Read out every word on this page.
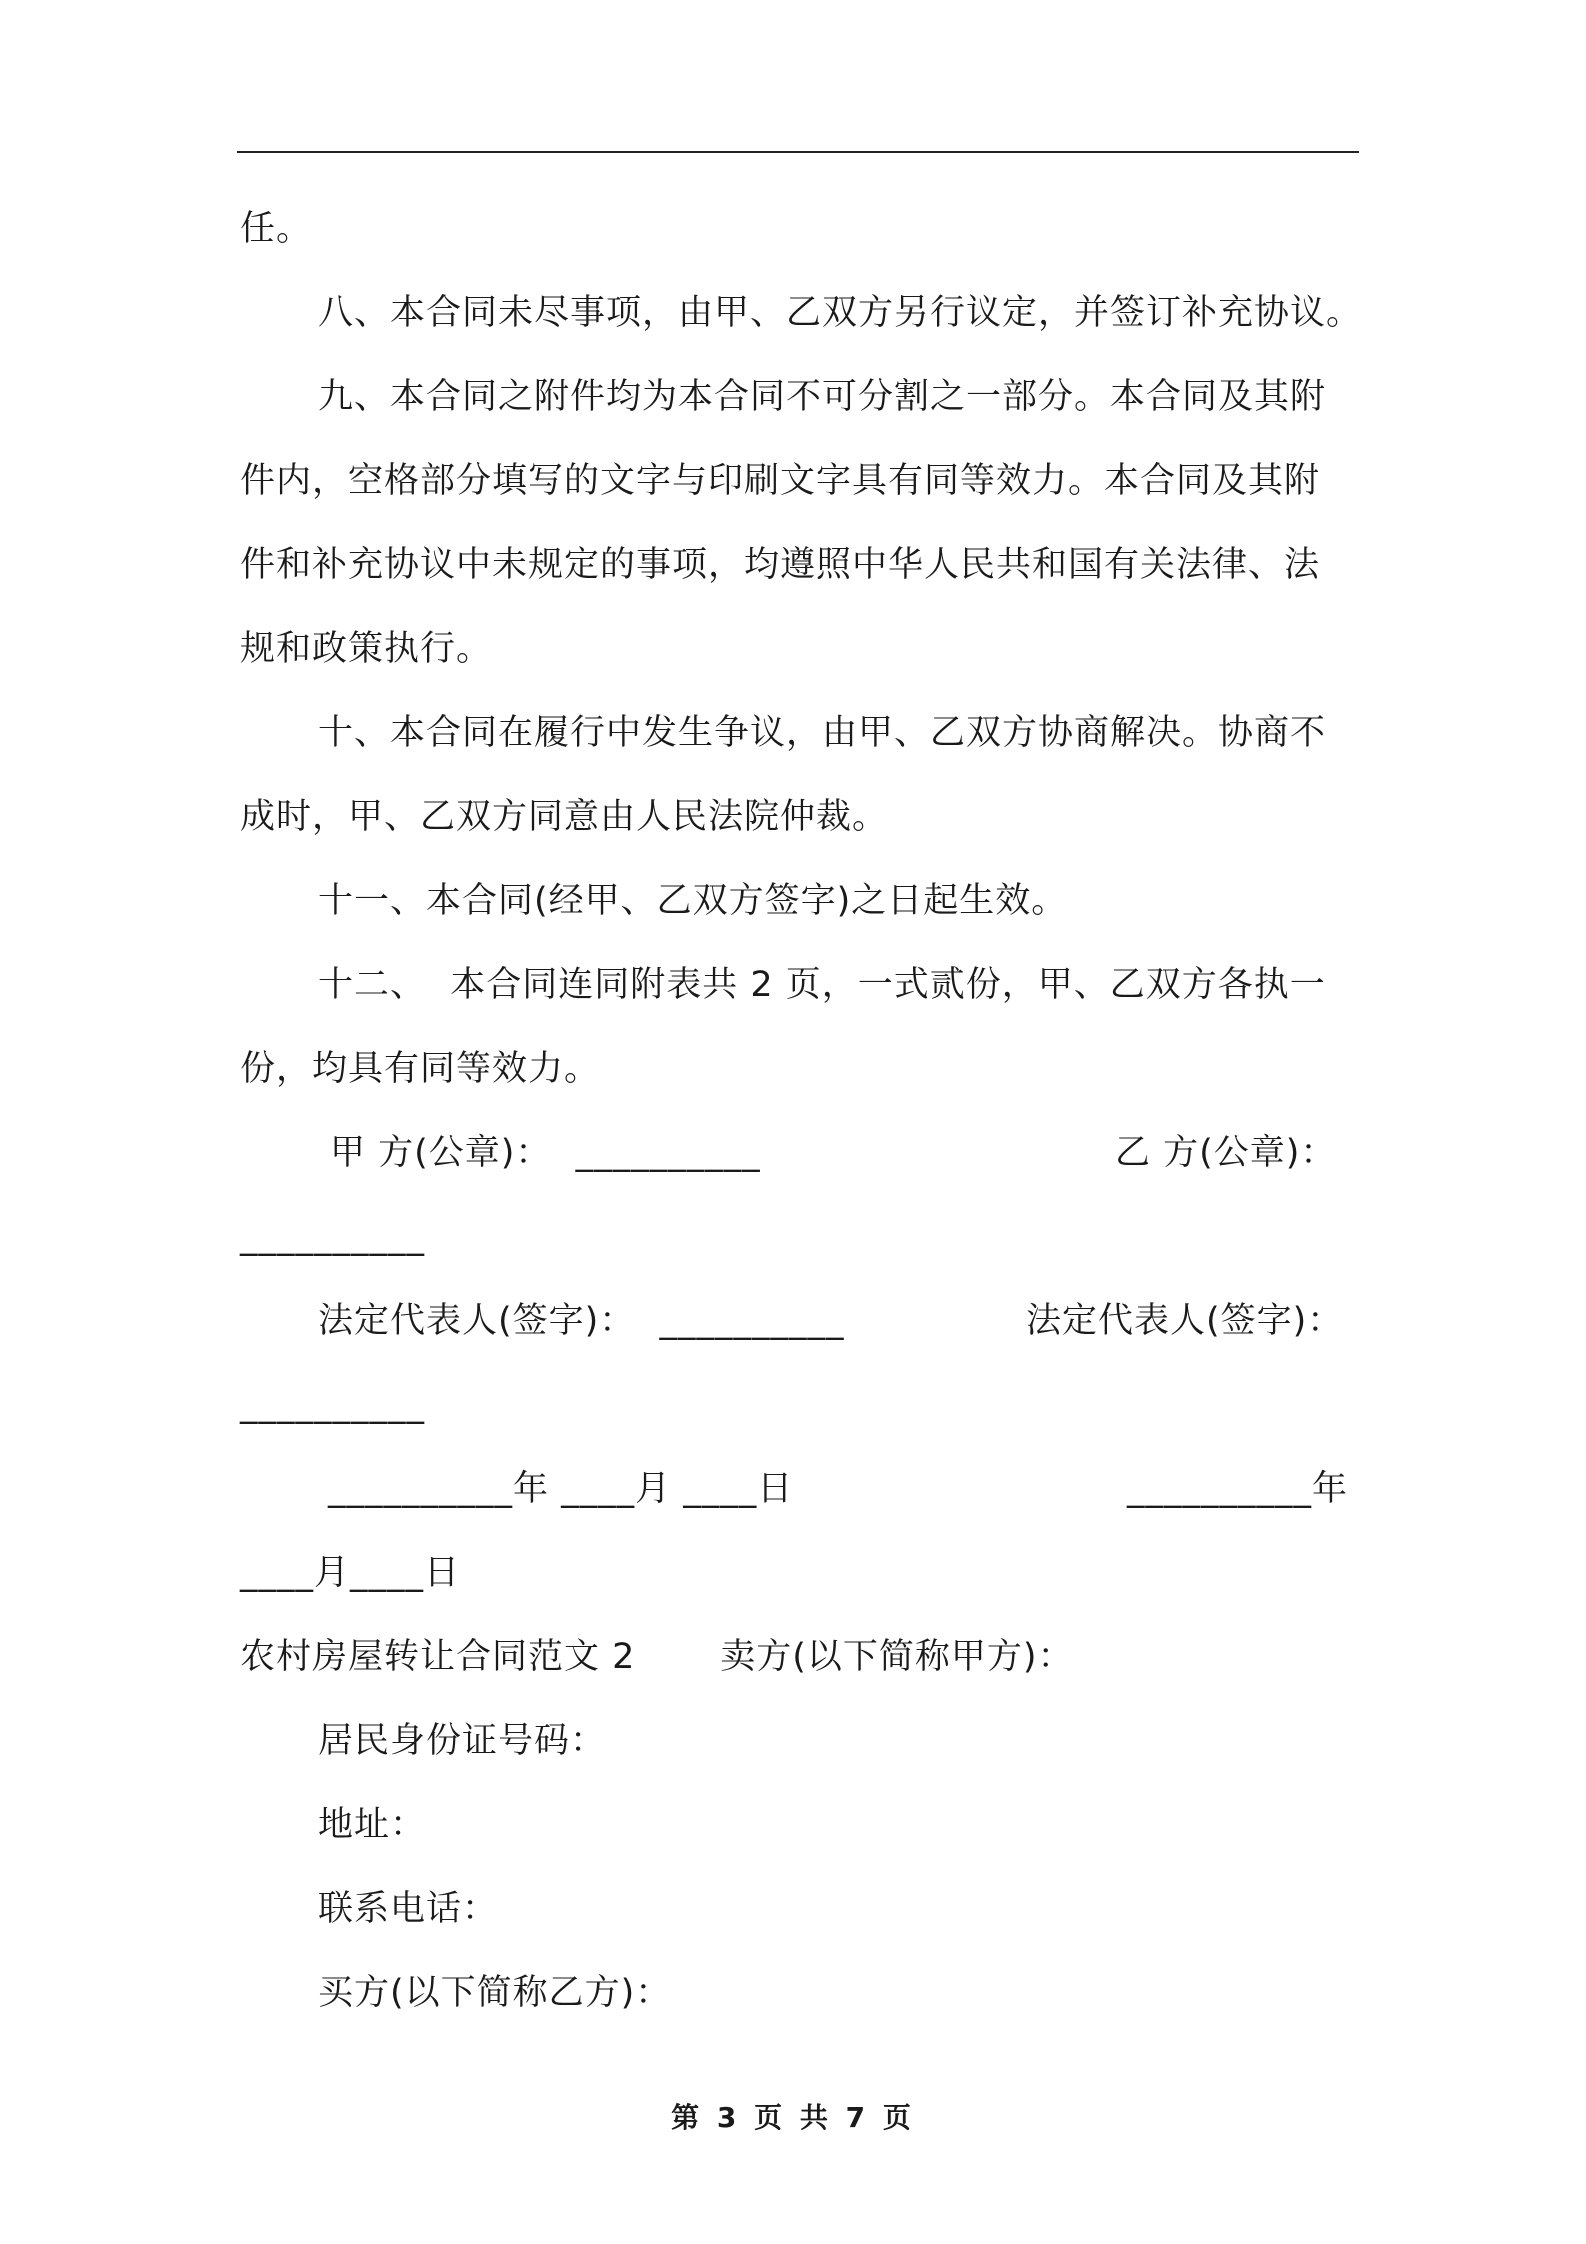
任。
八、本合同未尽事项，由甲、乙双方另行议定，并签订补充协议。
九、本合同之附件均为本合同不可分割之一部分。本合同及其附
件内，空格部分填写的文字与印刷文字具有同等效力。本合同及其附
件和补充协议中未规定的事项，均遵照中华人民共和国有关法律、法
规和政策执行。
十、本合同在履行中发生争议，由甲、乙双方协商解决。协商不
成时，甲、乙双方同意由人民法院仲裁。
十一、本合同(经甲、乙双方签字)之日起生效。
十二、  本合同连同附表共 2 页，一式贰份，甲、乙双方各执一
份，均具有同等效力。
甲 方(公章)：  __________	乙 方(公章)：
__________
法定代表人(签字)：  __________	法定代表人(签字)：
__________
__________年 ____月 ____日	__________年
____月____日
农村房屋转让合同范文 2       卖方(以下简称甲方)：
居民身份证号码：
地址：
联系电话：
买方(以下简称乙方)：
第 3 页 共 7 页
